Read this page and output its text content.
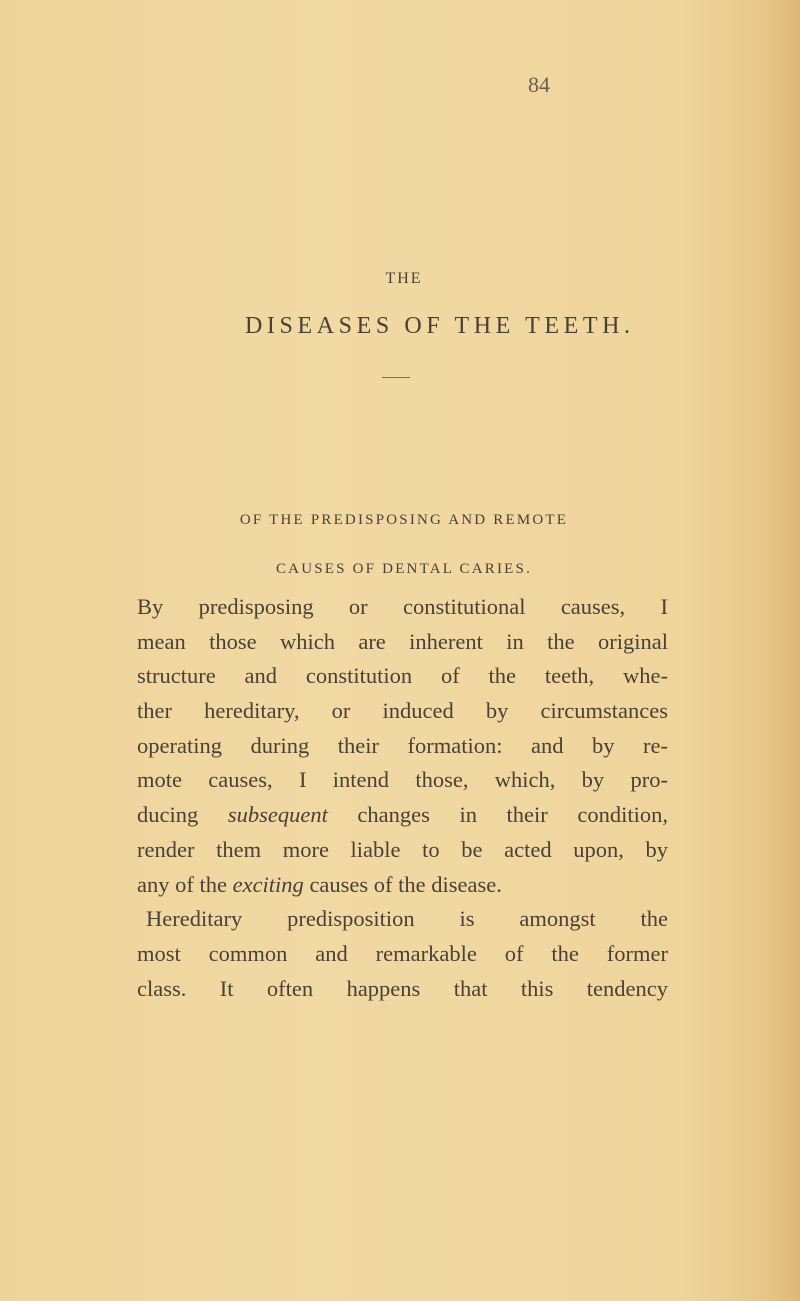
84
THE
DISEASES OF THE TEETH.
OF THE PREDISPOSING AND REMOTE
CAUSES OF DENTAL CARIES.
By predisposing or constitutional causes, I
mean those which are inherent in the original
structure and constitution of the teeth, whe-
ther hereditary, or induced by circumstances
operating during their formation: and by re-
mote causes, I intend those, which, by pro-
ducing subsequent changes in their condition,
render them more liable to be acted upon, by
any of the exciting causes of the disease.
Hereditary predisposition is amongst the
most common and remarkable of the former
class. It often happens that this tendency
